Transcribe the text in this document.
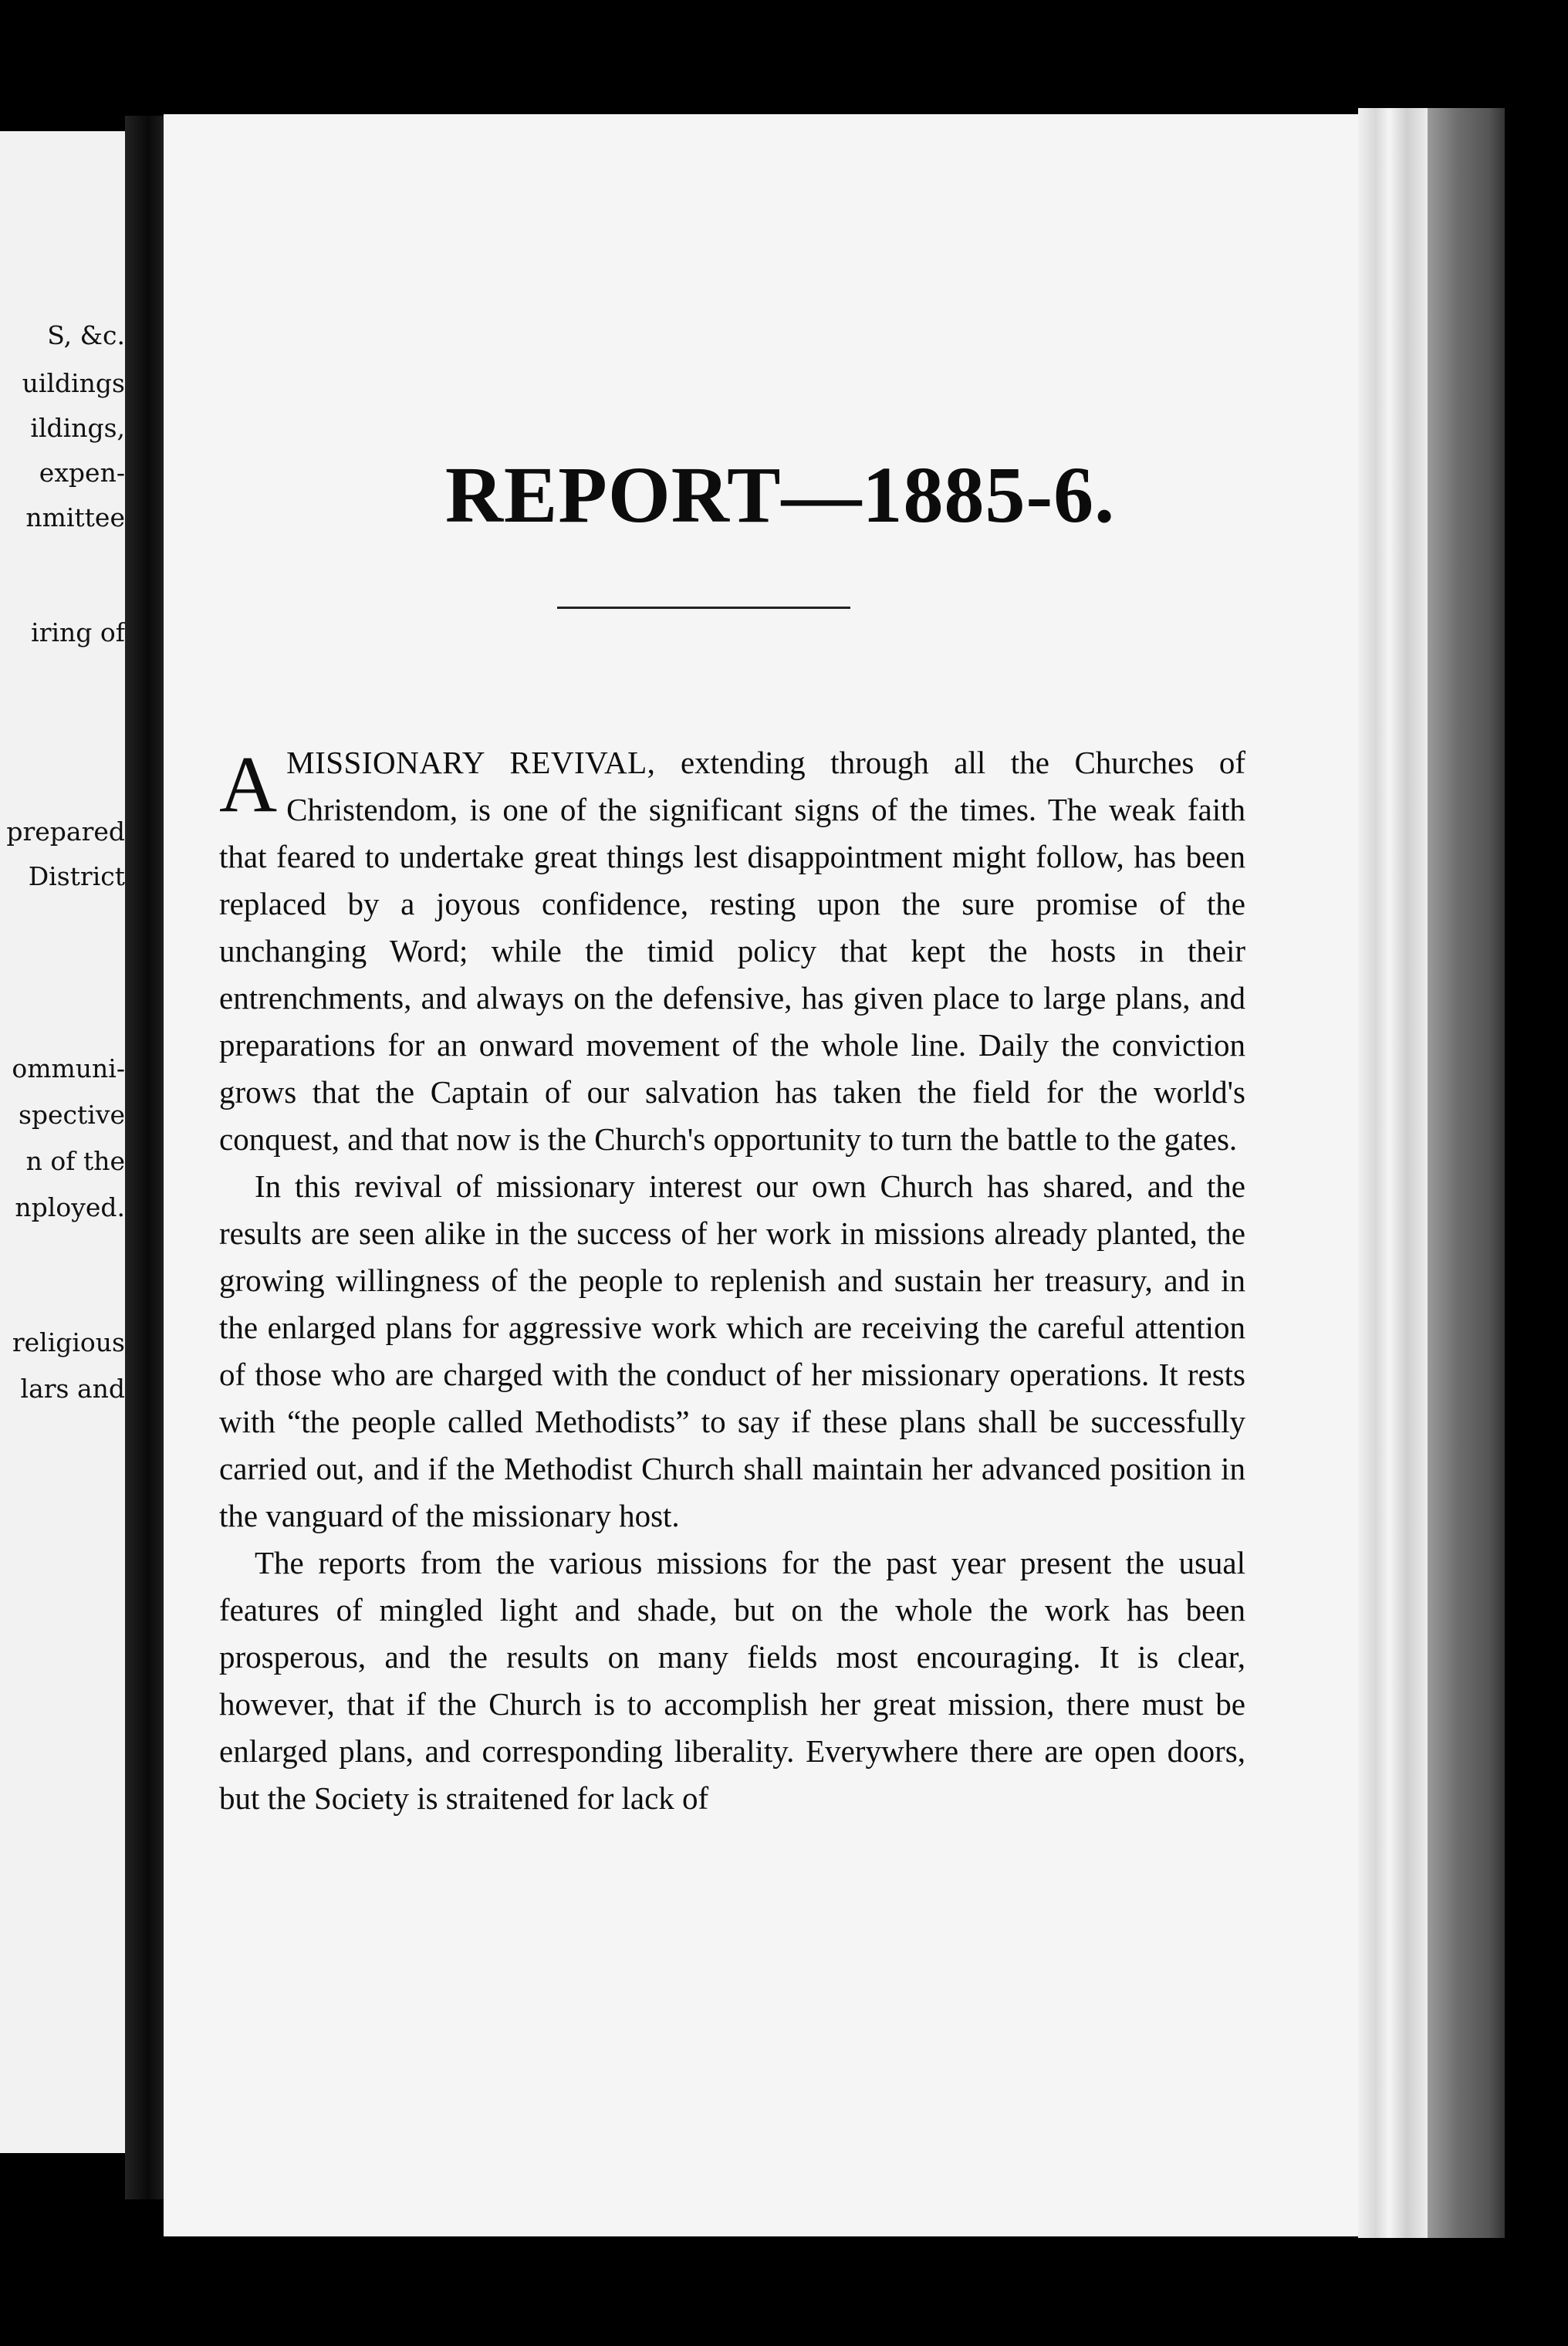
S, &c.
uildings
ildings,
expen-
nmittee
iring of
prepared
District
ommuni-
spective
n of the
nployed.
religious
lars and
REPORT—1885-6.

AMISSIONARY REVIVAL, extending through all the Churches of Christendom, is one of the significant signs of the times. The weak faith that feared to undertake great things lest disappointment might follow, has been replaced by a joyous confidence, resting upon the sure promise of the unchanging Word; while the timid policy that kept the hosts in their entrenchments, and always on the defensive, has given place to large plans, and preparations for an onward movement of the whole line. Daily the conviction grows that the Captain of our salvation has taken the field for the world's conquest, and that now is the Church's opportunity to turn the battle to the gates.

In this revival of missionary interest our own Church has shared, and the results are seen alike in the success of her work in missions already planted, the growing willingness of the people to replenish and sustain her treasury, and in the enlarged plans for aggressive work which are receiving the careful attention of those who are charged with the conduct of her missionary operations. It rests with “the people called Methodists” to say if these plans shall be successfully carried out, and if the Methodist Church shall maintain her advanced position in the vanguard of the missionary host.

The reports from the various missions for the past year present the usual features of mingled light and shade, but on the whole the work has been prosperous, and the results on many fields most encouraging. It is clear, however, that if the Church is to accomplish her great mission, there must be enlarged plans, and corresponding liberality. Everywhere there are open doors, but the Society is straitened for lack of
